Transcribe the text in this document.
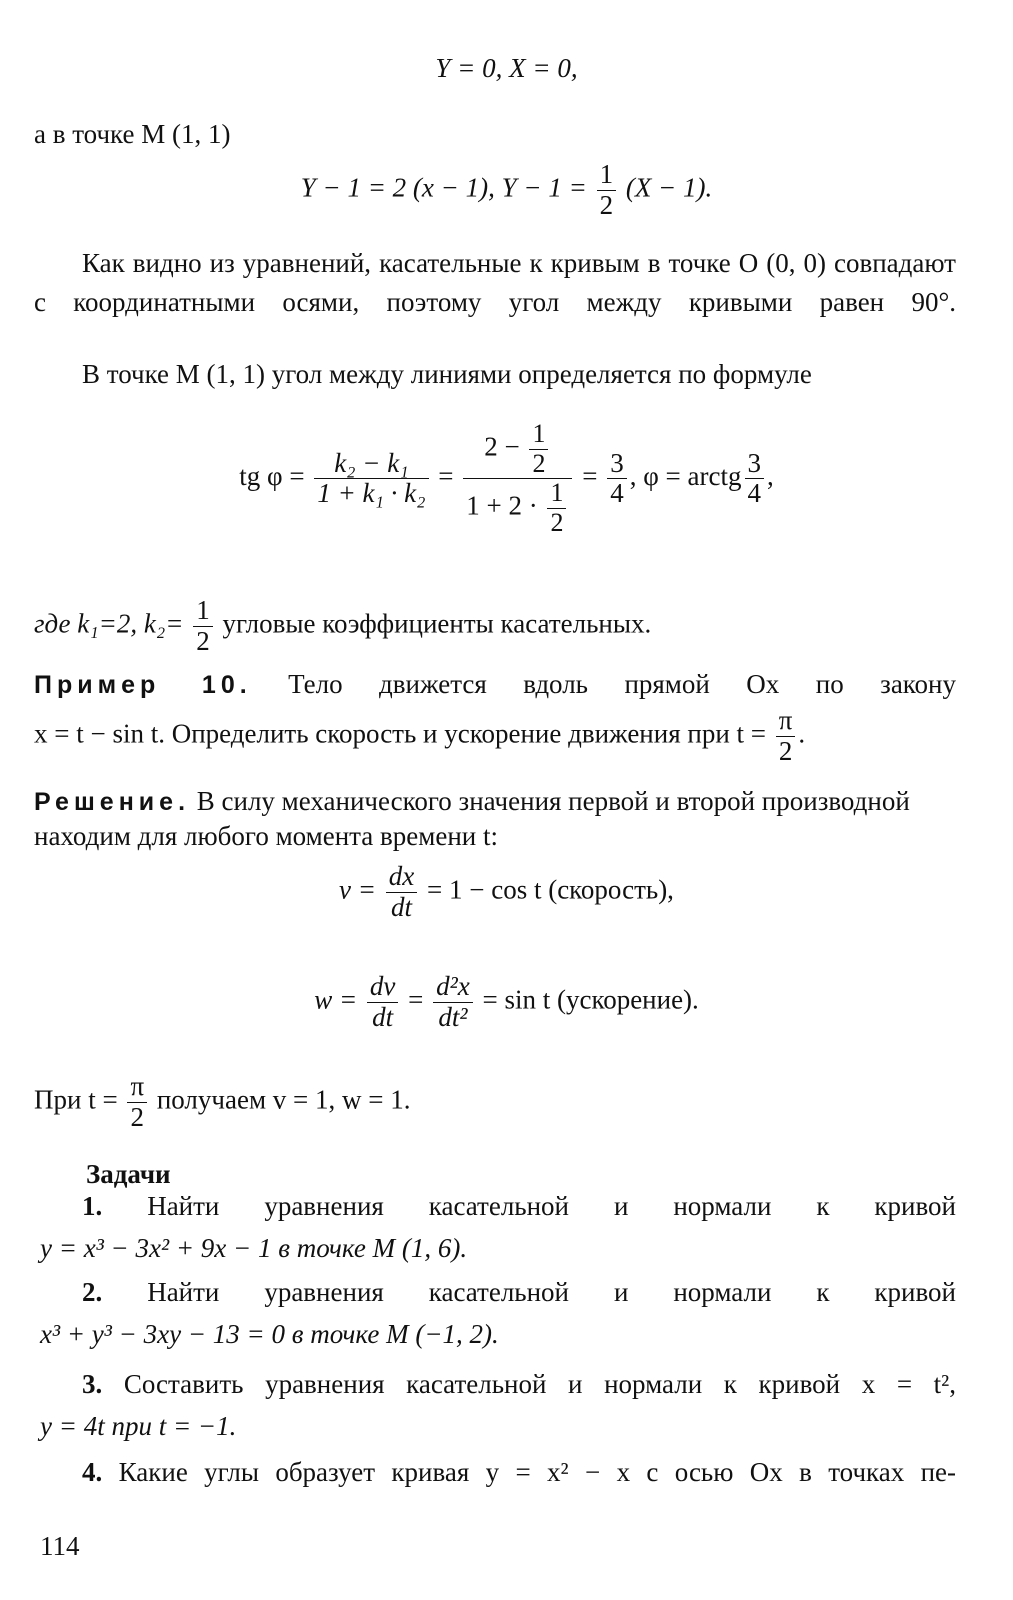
Y = 0, X = 0,
а в точке M (1, 1)
Y − 1 = 2 (x − 1), $Y - 1 = \frac{1}{2} (X - 1)$.

Как видно из уравнений, касательные к кривым в точке O (0, 0) совпадают с координатными осями, поэтому угол между кривыми равен 90°.

В точке M (1, 1) угол между линиями определяется по формуле

tg $\varphi = \frac{\text{k₂ − k₁}}{\text{1 + k₁ · k₂}} = \frac{2 - \frac{1}{2}}{1 + 2 \cdot \frac{1}{2}} = \frac{3}{4}$ , φ = arctg $\frac{3}{4}$ ,
где k₁=2, $k_2= \frac{1}{2}$ угловые коэффициенты касательных.
Пример 10. Тело движется вдоль прямой Ox по закону
x = t − sin t. Определить скорость и ускорение движения при $t = \frac{\pi}{2}$ .

Решение. В силу механического значения первой и второй производной находим для любого момента времени t:

$v = \frac{dx}{dt} = 1 - \cos t$ (скорость),
$w = \frac{dv}{dt} = \frac{\text{d²x}}{\text{dt²}} = \sin t$ (ускорение).
При $t = \frac{\pi}{2}$ получаем v = 1, w = 1.
Задачи
1. Найти уравнения касательной и нормали к кривой
y = x³ − 3x² + 9x − 1 в точке M (1, 6).
2. Найти уравнения касательной и нормали к кривой
x³ + y³ − 3xy − 13 = 0 в точке M (−1, 2).
3. Составить уравнения касательной и нормали к кривой x = t²,
y = 4t при t = −1.
4. Какие углы образует кривая y = x² − x с осью Ox в точках пе-
114
